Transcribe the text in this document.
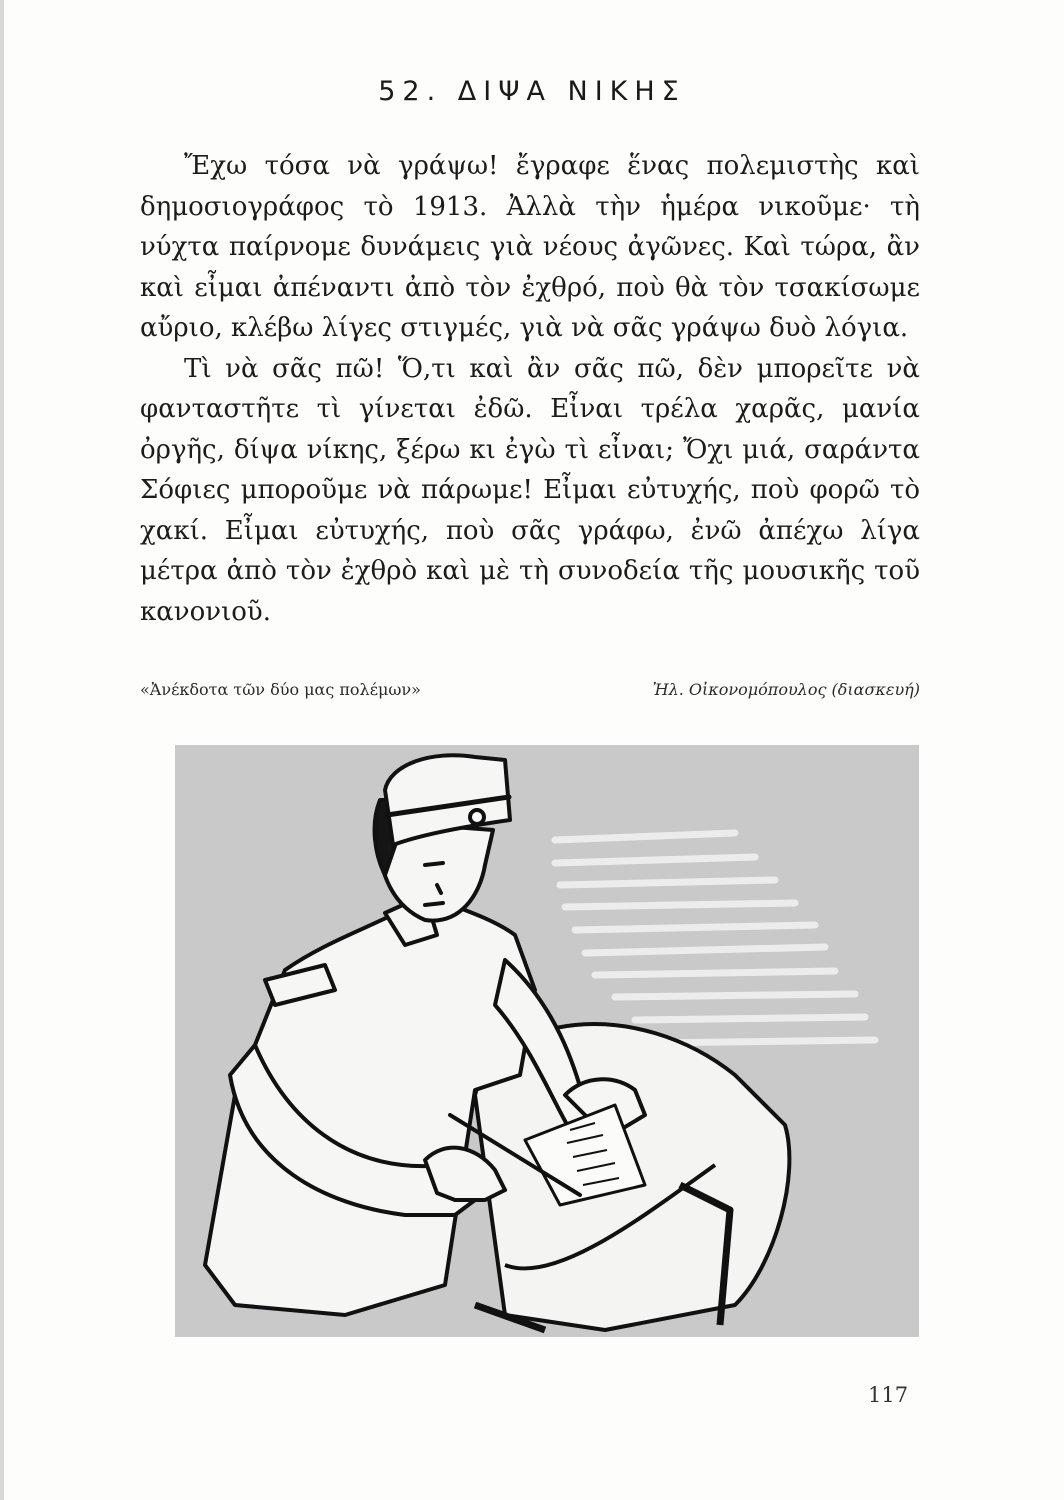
52. ΔΙΨΑ ΝΙΚΗΣ

Ἔχω τόσα νὰ γράψω! ἔγραφε ἕνας πολεμιστὴς καὶ δημοσιογράφος τὸ 1913. Ἀλλὰ τὴν ἡμέρα νικοῦμε· τὴ νύχτα παίρνομε δυνάμεις γιὰ νέους ἀγῶνες. Καὶ τώρα, ἂν καὶ εἶμαι ἀπέναντι ἀπὸ τὸν ἐχθρό, ποὺ θὰ τὸν τσακίσωμε αὔριο, κλέβω λίγες στιγμές, γιὰ νὰ σᾶς γράψω δυὸ λόγια.

Τὶ νὰ σᾶς πῶ! Ὅ,τι καὶ ἂν σᾶς πῶ, δὲν μπορεῖτε νὰ φανταστῆτε τὶ γίνεται ἐδῶ. Εἶναι τρέλα χαρᾶς, μανία ὀργῆς, δίψα νίκης, ξέρω κι ἐγὼ τὶ εἶναι; Ὄχι μιά, σαράντα Σόφιες μποροῦμε νὰ πάρωμε! Εἶμαι εὐτυχής, ποὺ φορῶ τὸ χακί. Εἶμαι εὐτυχής, ποὺ σᾶς γράφω, ἐνῶ ἀπέχω λίγα μέτρα ἀπὸ τὸν ἐχθρὸ καὶ μὲ τὴ συνοδεία τῆς μουσικῆς τοῦ κανονιοῦ.

«Ἀνέκδοτα τῶν δύο μας πολέμων»	Ἠλ. Οἰκονομόπουλος (διασκευή)
117
